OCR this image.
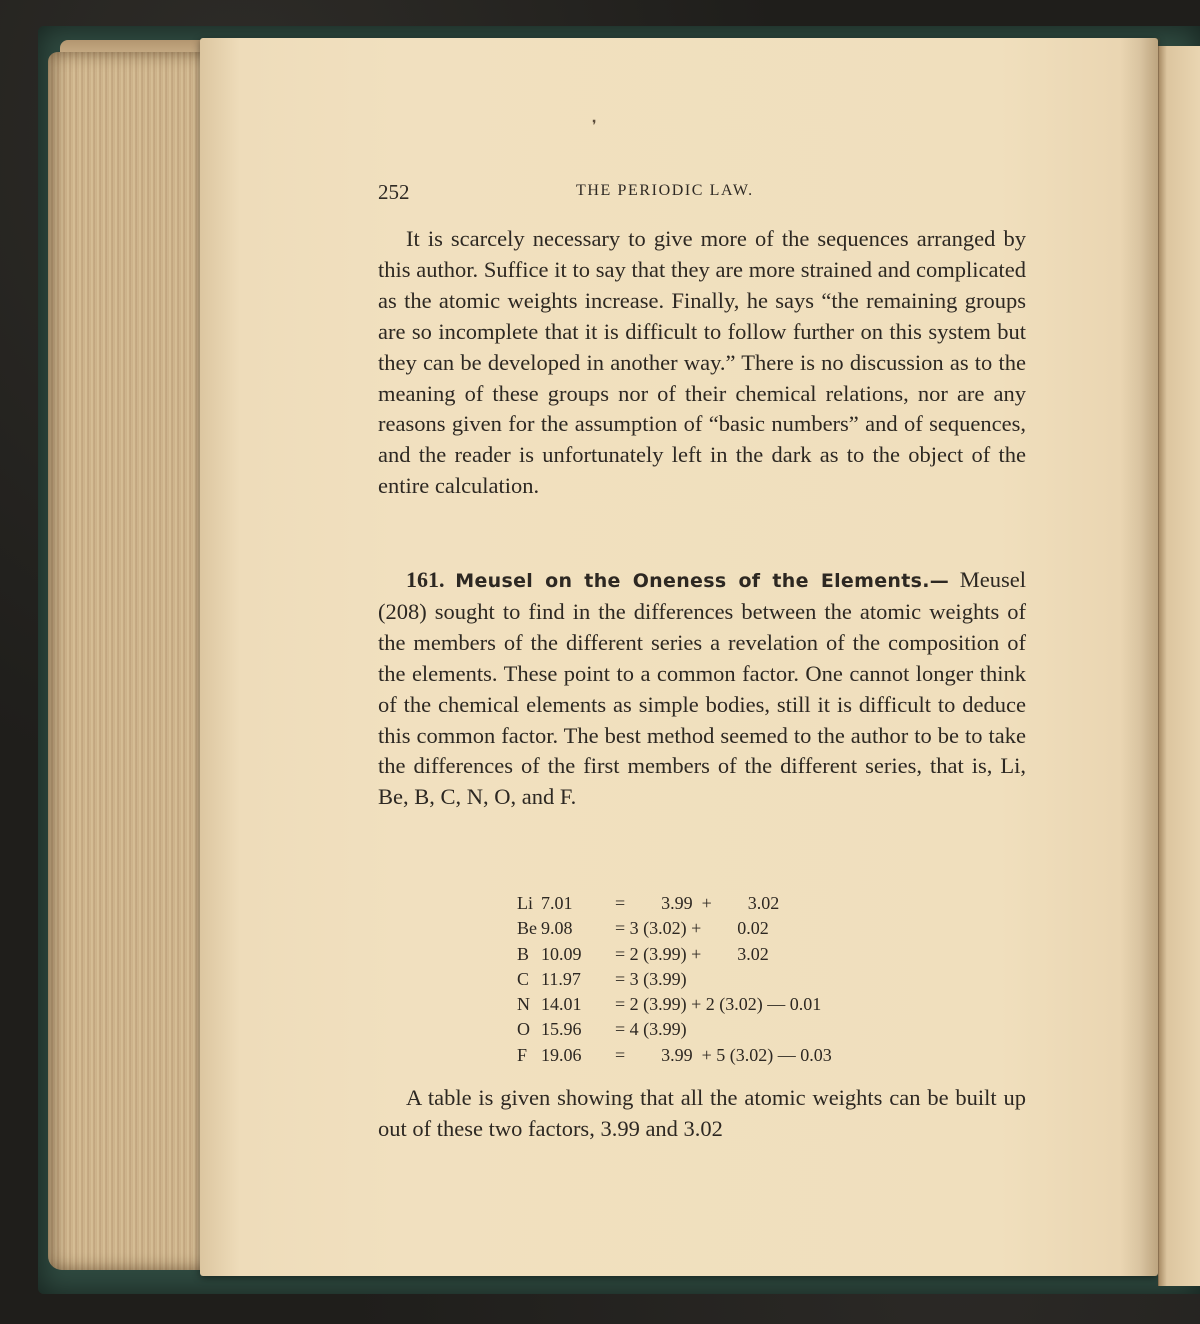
❜
252	THE PERIODIC LAW.

It is scarcely necessary to give more of the sequences arranged by this author. Suffice it to say that they are more strained and complicated as the atomic weights increase. Finally, he says “the remaining groups are so incomplete that it is difficult to follow further on this system but they can be developed in another way.” There is no discussion as to the meaning of these groups nor of their chemical relations, nor are any reasons given for the assumption of “basic numbers” and of sequences, and the reader is unfortunately left in the dark as to the object of the entire calculation.

161. Meusel on the Oneness of the Elements.— Meusel (208) sought to find in the differences between the atomic weights of the members of the different series a revelation of the composition of the elements. These point to a common factor. One cannot longer think of the chemical elements as simple bodies, still it is difficult to deduce this common factor. The best method seemed to the author to be to take the differences of the first members of the different series, that is, Li, Be, B, C, N, O, and F.

Li 7.01 =  3.99 +  3.02
Be 9.08 = 3 (3.02) +  0.02
B 10.09 = 2 (3.99) +  3.02
C 11.97 = 3 (3.99)
N 14.01 = 2 (3.99) + 2 (3.02) — 0.01
O 15.96 = 4 (3.99)
F 19.06 =  3.99 + 5 (3.02) — 0.03

A table is given showing that all the atomic weights can be built up out of these two factors, 3.99 and 3.02
